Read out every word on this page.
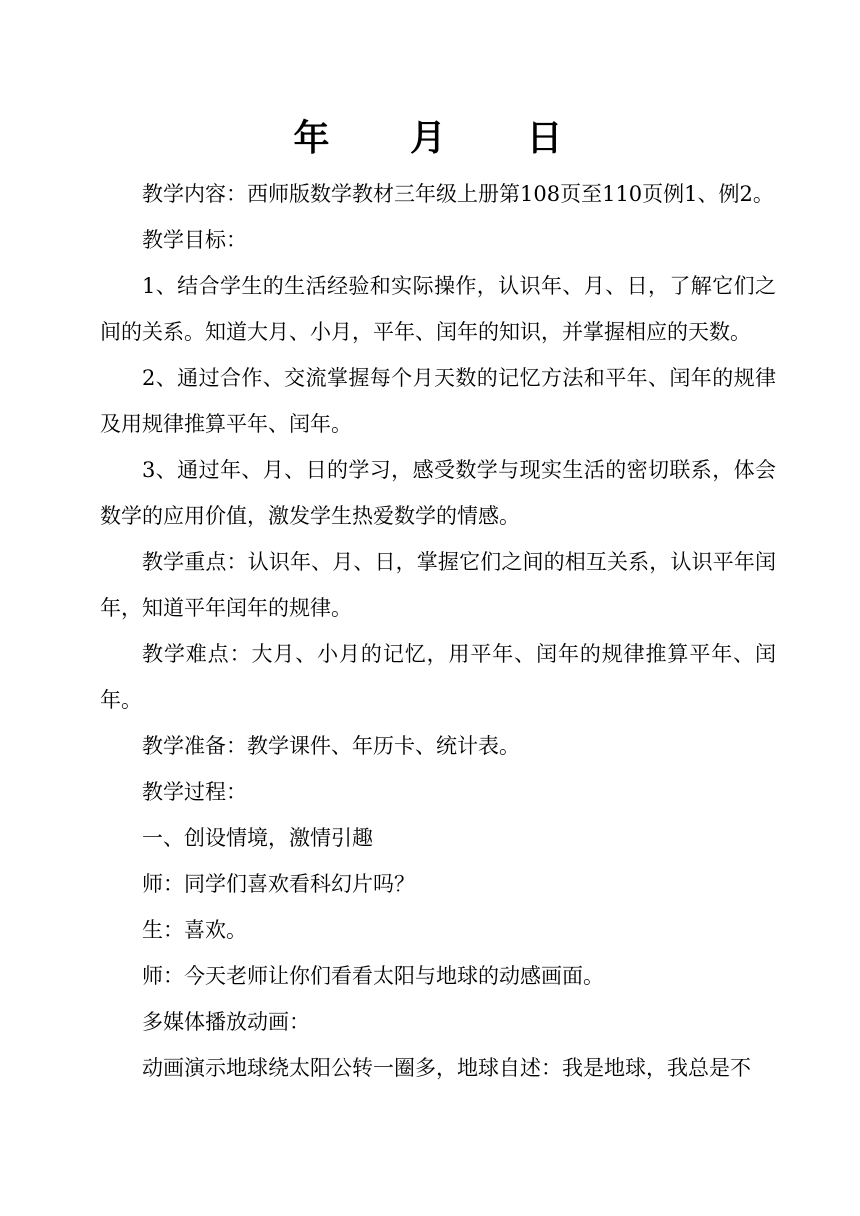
年 月 日

教学内容：西师版数学教材三年级上册第108页至110页例1、例2。

教学目标：

1、结合学生的生活经验和实际操作，认识年、月、日，了解它们之间的关系。知道大月、小月，平年、闰年的知识，并掌握相应的天数。

2、通过合作、交流掌握每个月天数的记忆方法和平年、闰年的规律及用规律推算平年、闰年。

3、通过年、月、日的学习，感受数学与现实生活的密切联系，体会数学的应用价值，激发学生热爱数学的情感。

教学重点：认识年、月、日，掌握它们之间的相互关系，认识平年闰年，知道平年闰年的规律。

教学难点：大月、小月的记忆，用平年、闰年的规律推算平年、闰年。

教学准备：教学课件、年历卡、统计表。

教学过程：

一、创设情境，激情引趣

师：同学们喜欢看科幻片吗？

生：喜欢。

师：今天老师让你们看看太阳与地球的动感画面。

多媒体播放动画：

动画演示地球绕太阳公转一圈多，地球自述：我是地球，我总是不
